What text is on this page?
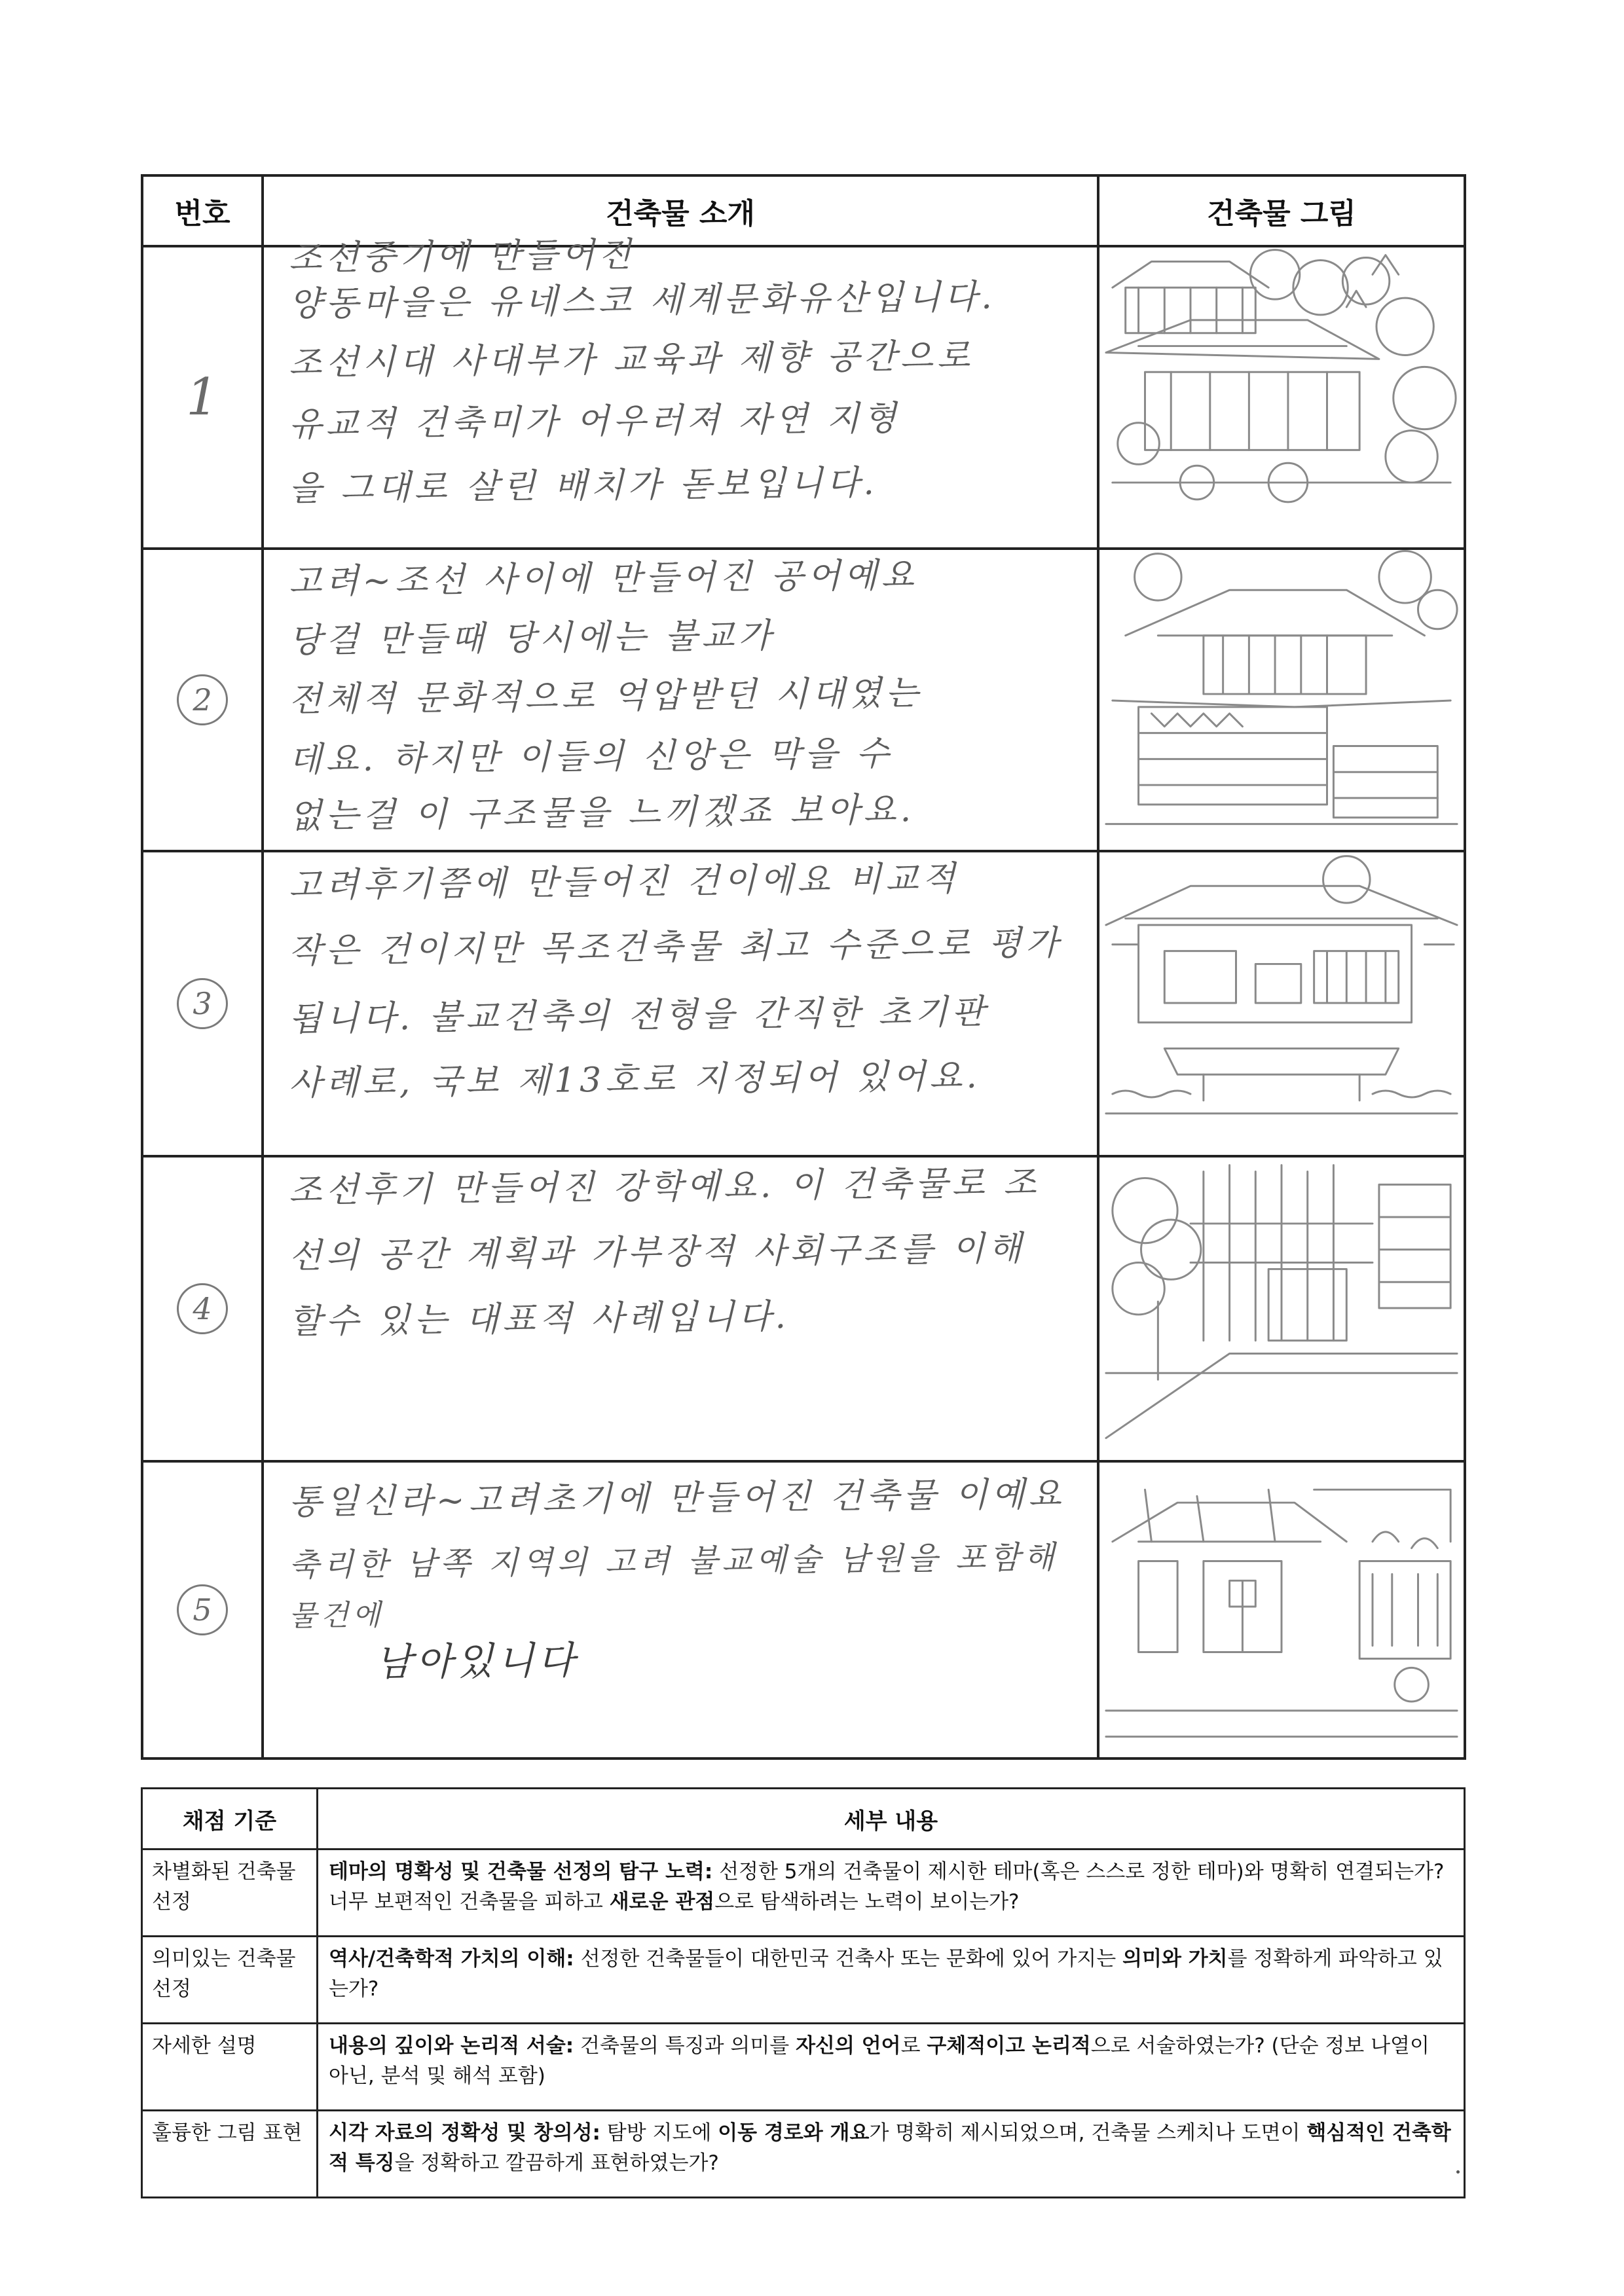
번호	건축물 소개	건축물 그림
1	조선중기에 만들어진
양동마을은 유네스코 세계문화유산입니다.
조선시대 사대부가 교육과 제향 공간으로
유교적 건축미가 어우러져 자연 지형
을 그대로 살린 배치가 돋보입니다.

2	고려~조선 사이에 만들어진 공어예요
당걸 만들때 당시에는 불교가
전체적 문화적으로 억압받던 시대였는
데요. 하지만 이들의 신앙은 막을 수
없는걸 이 구조물을 느끼겠죠 보아요.

3	고려후기쯤에 만들어진 건이에요 비교적
작은 건이지만 목조건축물 최고 수준으로 평가
됩니다. 불교건축의 전형을 간직한 초기판
사례로, 국보 제13호로 지정되어 있어요.

4	조선후기 만들어진 강학예요. 이 건축물로 조
선의 공간 계획과 가부장적 사회구조를 이해
할수 있는 대표적 사례입니다.

5	통일신라~고려초기에 만들어진 건축물 이예요
축리한 남쪽 지역의 고려 불교예술 남원을 포함해
물건에
남아있니다

채점 기준	세부 내용
차별화된 건축물 선정	테마의 명확성 및 건축물 선정의 탐구 노력: 선정한 5개의 건축물이 제시한 테마(혹은 스스로 정한 테마)와 명확히 연결되는가? 너무 보편적인 건축물을 피하고 새로운 관점으로 탐색하려는 노력이 보이는가?
의미있는 건축물 선정	역사/건축학적 가치의 이해: 선정한 건축물들이 대한민국 건축사 또는 문화에 있어 가지는 의미와 가치를 정확하게 파악하고 있는가?
자세한 설명	내용의 깊이와 논리적 서술: 건축물의 특징과 의미를 자신의 언어로 구체적이고 논리적으로 서술하였는가? (단순 정보 나열이 아닌, 분석 및 해석 포함)
훌륭한 그림 표현	시각 자료의 정확성 및 창의성: 탐방 지도에 이동 경로와 개요가 명확히 제시되었으며, 건축물 스케치나 도면이 핵심적인 건축학적 특징을 정확하고 깔끔하게 표현하였는가?
